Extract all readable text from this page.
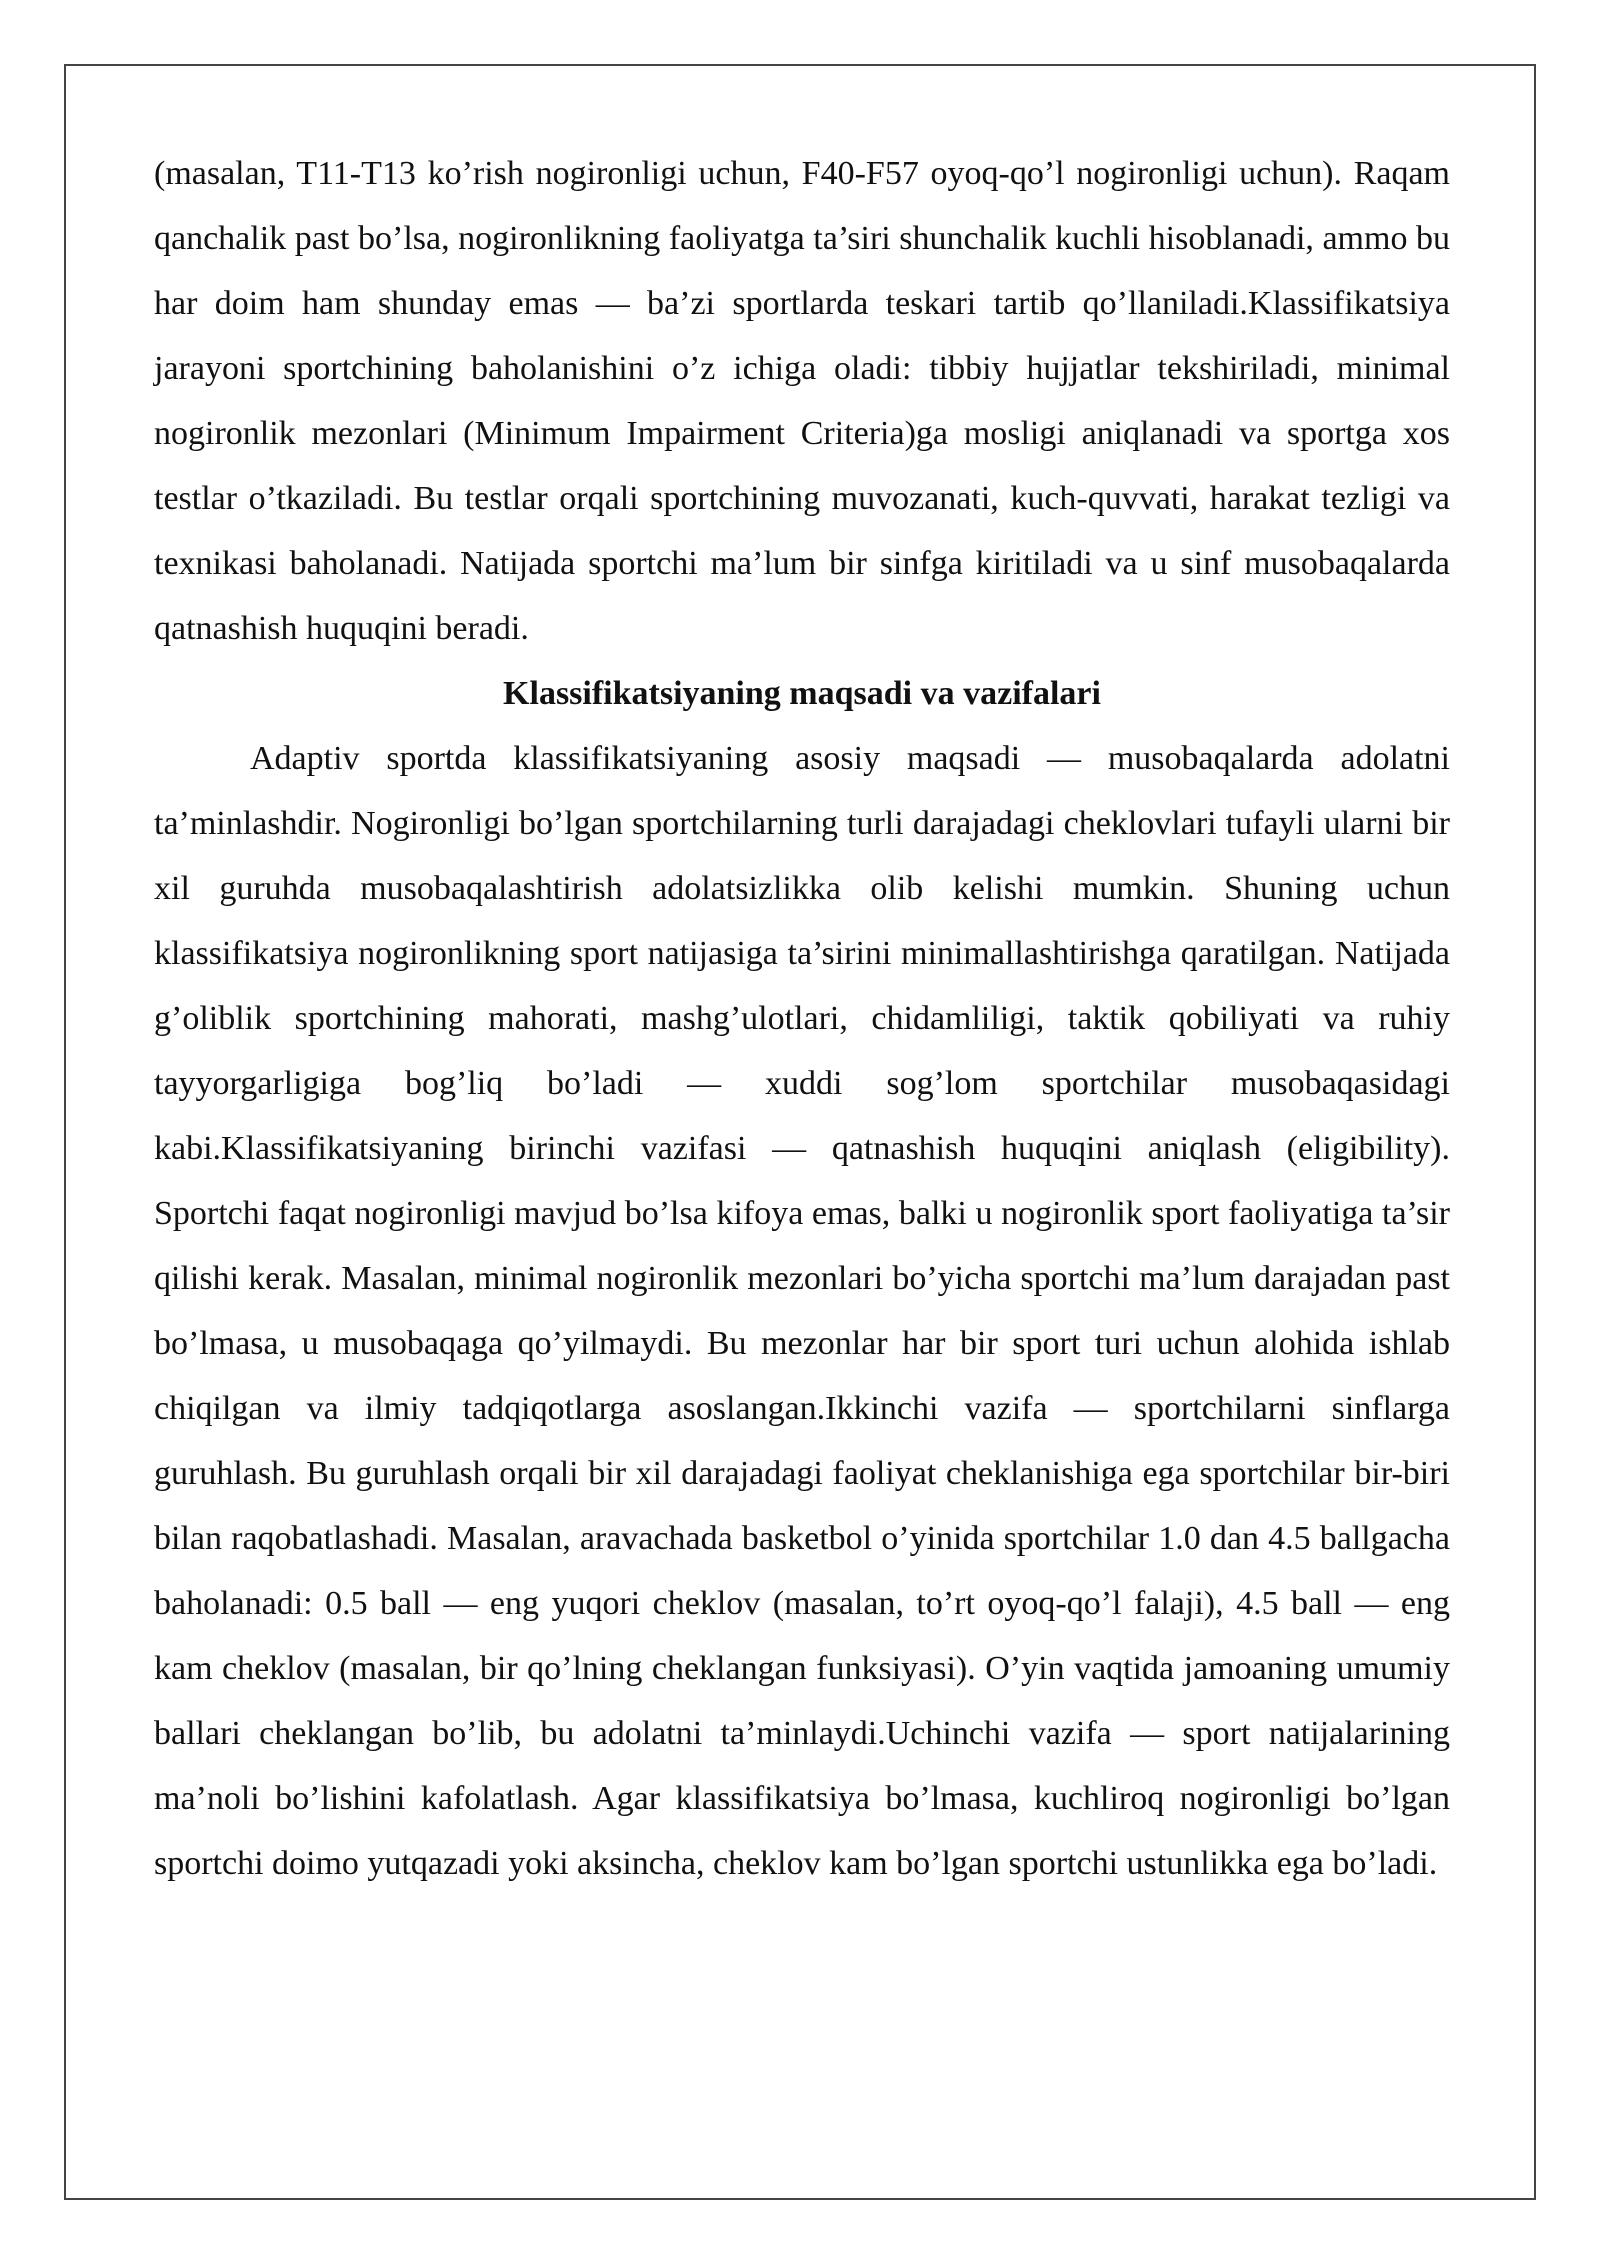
(masalan, T11-T13 ko’rish nogironligi uchun, F40-F57 oyoq-qo’l nogironligi uchun). Raqam qanchalik past bo’lsa, nogironlikning faoliyatga ta’siri shunchalik kuchli hisoblanadi, ammo bu har doim ham shunday emas — ba’zi sportlarda teskari tartib qo’llaniladi.Klassifikatsiya jarayoni sportchining baholanishini o’z ichiga oladi: tibbiy hujjatlar tekshiriladi, minimal nogironlik mezonlari (Minimum Impairment Criteria)ga mosligi aniqlanadi va sportga xos testlar o’tkaziladi. Bu testlar orqali sportchining muvozanati, kuch-quvvati, harakat tezligi va texnikasi baholanadi. Natijada sportchi ma’lum bir sinfga kiritiladi va u sinf musobaqalarda qatnashish huquqini beradi.

Klassifikatsiyaning maqsadi va vazifalari

Adaptiv sportda klassifikatsiyaning asosiy maqsadi — musobaqalarda adolatni ta’minlashdir. Nogironligi bo’lgan sportchilarning turli darajadagi cheklovlari tufayli ularni bir xil guruhda musobaqalashtirish adolatsizlikka olib kelishi mumkin. Shuning uchun klassifikatsiya nogironlikning sport natijasiga ta’sirini minimallashtirishga qaratilgan. Natijada g’oliblik sportchining mahorati, mashg’ulotlari, chidamliligi, taktik qobiliyati va ruhiy tayyorgarligiga bog’liq bo’ladi — xuddi sog’lom sportchilar musobaqasidagi kabi.Klassifikatsiyaning birinchi vazifasi — qatnashish huquqini aniqlash (eligibility). Sportchi faqat nogironligi mavjud bo’lsa kifoya emas, balki u nogironlik sport faoliyatiga ta’sir qilishi kerak. Masalan, minimal nogironlik mezonlari bo’yicha sportchi ma’lum darajadan past bo’lmasa, u musobaqaga qo’yilmaydi. Bu mezonlar har bir sport turi uchun alohida ishlab chiqilgan va ilmiy tadqiqotlarga asoslangan.Ikkinchi vazifa — sportchilarni sinflarga guruhlash. Bu guruhlash orqali bir xil darajadagi faoliyat cheklanishiga ega sportchilar bir-biri bilan raqobatlashadi. Masalan, aravachada basketbol o’yinida sportchilar 1.0 dan 4.5 ballgacha baholanadi: 0.5 ball — eng yuqori cheklov (masalan, to’rt oyoq-qo’l falaji), 4.5 ball — eng kam cheklov (masalan, bir qo’lning cheklangan funksiyasi). O’yin vaqtida jamoaning umumiy ballari cheklangan bo’lib, bu adolatni ta’minlaydi.Uchinchi vazifa — sport natijalarining ma’noli bo’lishini kafolatlash. Agar klassifikatsiya bo’lmasa, kuchliroq nogironligi bo’lgan sportchi doimo yutqazadi yoki aksincha, cheklov kam bo’lgan sportchi ustunlikka ega bo’ladi.
